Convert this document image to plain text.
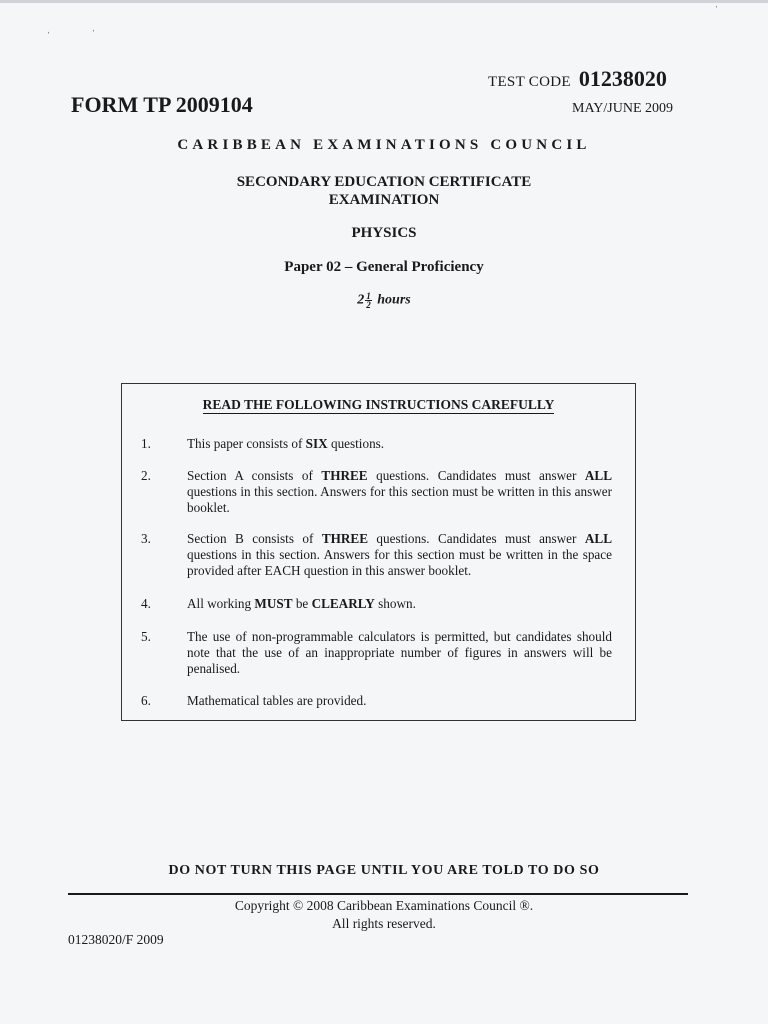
ˈ	ˈ
ˈ
TEST CODE 01238020
FORM TP 2009104	MAY/JUNE 2009
CARIBBEAN EXAMINATIONS COUNCIL
SECONDARY EDUCATION CERTIFICATE
EXAMINATION
PHYSICS
Paper 02 – General Proficiency
$2 \frac{1}{2}$ hours
READ THE FOLLOWING INSTRUCTIONS CAREFULLY
1.	This paper consists of SIX questions.
2.	Section A consists of THREE questions. Candidates must answer ALL questions in this section. Answers for this section must be written in this answer booklet.
3.	Section B consists of THREE questions. Candidates must answer ALL questions in this section. Answers for this section must be written in the space provided after EACH question in this answer booklet.
4.	All working MUST be CLEARLY shown.
5.	The use of non-programmable calculators is permitted, but candidates should note that the use of an inappropriate number of figures in answers will be penalised.
6.	Mathematical tables are provided.
DO NOT TURN THIS PAGE UNTIL YOU ARE TOLD TO DO SO
Copyright © 2008 Caribbean Examinations Council ®.
All rights reserved.
01238020/F 2009
